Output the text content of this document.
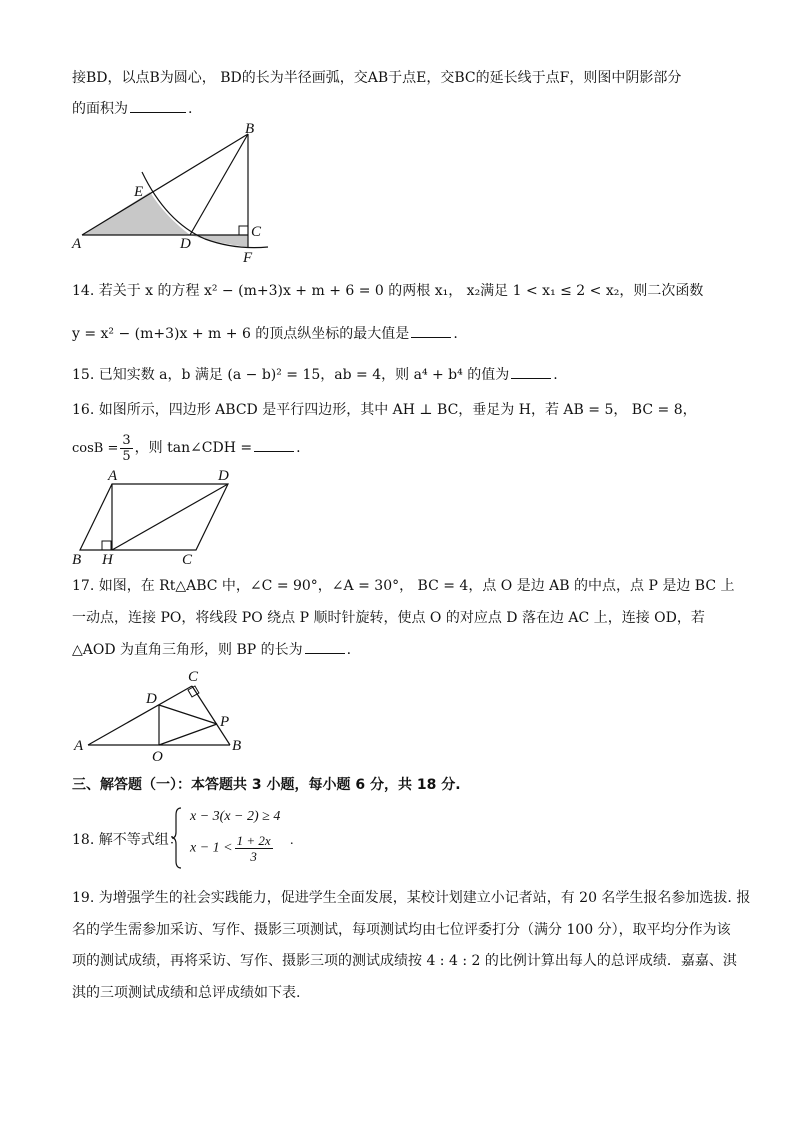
接BD，以点B为圆心， BD的长为半径画弧，交AB于点E，交BC的延长线于点F，则图中阴影部分
的面积为	.
A
B
C
D
E
F
14. 若关于 x 的方程 x² − (m+3)x + m + 6 = 0 的两根 x₁， x₂满足 1 < x₁ ≤ 2 < x₂，则二次函数
y = x² − (m+3)x + m + 6 的顶点纵坐标的最大值是	.
15. 已知实数 a，b 满足 (a − b)² = 15，ab = 4，则 a⁴ + b⁴ 的值为	.
16. 如图所示，四边形 ABCD 是平行四边形，其中 AH ⊥ BC，垂足为 H，若 AB = 5， BC = 8，
$\cos B = \frac{3}{5}$ ，则 tan∠CDH =	.
A	D
B H	C
17. 如图，在 Rt△ABC 中，∠C = 90°，∠A = 30°， BC = 4，点 O 是边 AB 的中点，点 P 是边 BC 上
一动点，连接 PO，将线段 PO 绕点 P 顺时针旋转，使点 O 的对应点 D 落在边 AC 上，连接 OD，若
△AOD 为直角三角形，则 BP 的长为	.
A	B
C
D
O
P
三、解答题（一）：本答题共 3 小题，每小题 6 分，共 18 分.
18. 解不等式组：
x − 3(x − 2) ≥ 4
$x - 1 < \frac{1 + 2x}{3}$ .
19. 为增强学生的社会实践能力，促进学生全面发展，某校计划建立小记者站，有 20 名学生报名参加选拔. 报
名的学生需参加采访、写作、摄影三项测试，每项测试均由七位评委打分（满分 100 分），取平均分作为该
项的测试成绩，再将采访、写作、摄影三项的测试成绩按 4 : 4 : 2 的比例计算出每人的总评成绩．嘉嘉、淇
淇的三项测试成绩和总评成绩如下表.
